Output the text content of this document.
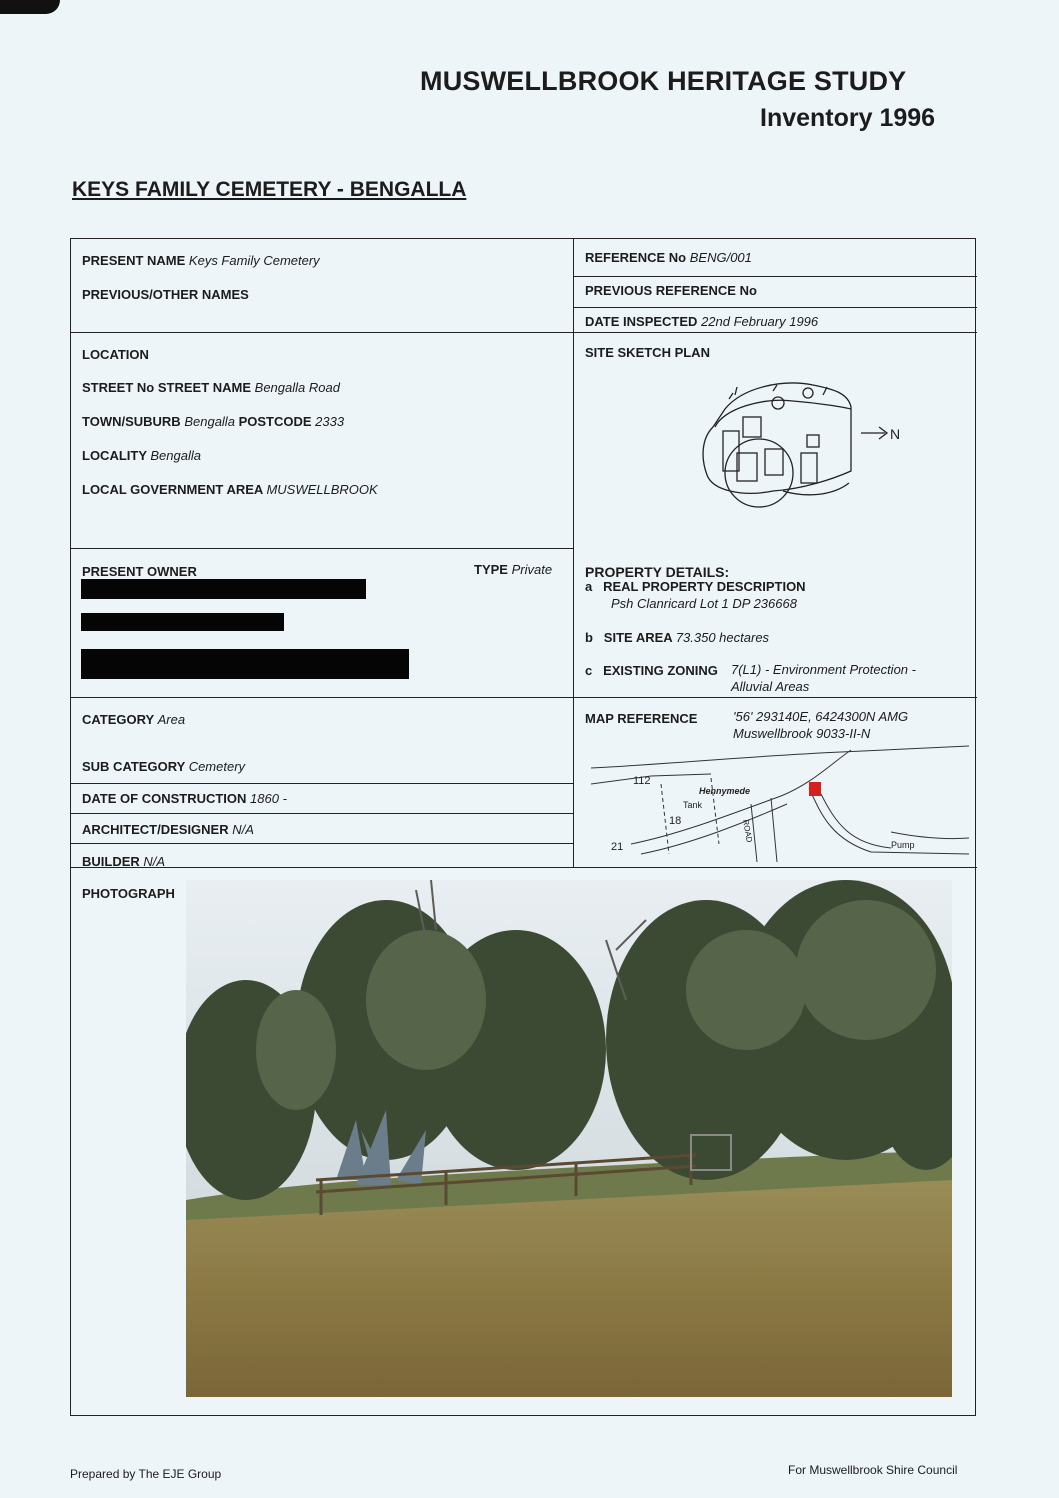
MUSWELLBROOK HERITAGE STUDY
Inventory 1996
KEYS FAMILY CEMETERY - BENGALLA
PRESENT NAME Keys Family Cemetery
PREVIOUS/OTHER NAMES
LOCATION
STREET No STREET NAME Bengalla Road
TOWN/SUBURB Bengalla POSTCODE 2333
LOCALITY Bengalla
LOCAL GOVERNMENT AREA MUSWELLBROOK
PRESENT OWNER	TYPE Private
CATEGORY Area
SUB CATEGORY Cemetery
DATE OF CONSTRUCTION 1860 -
ARCHITECT/DESIGNER N/A
BUILDER N/A
PHOTOGRAPH
REFERENCE No BENG/001
PREVIOUS REFERENCE No
DATE INSPECTED 22nd February 1996
SITE SKETCH PLAN
N
PROPERTY DETAILS:
a REAL PROPERTY DESCRIPTION
Psh Clanricard Lot 1 DP 236668
b SITE AREA 73.350 hectares
c EXISTING ZONING 7(L1) - Environment Protection -
Alluvial Areas
MAP REFERENCE	'56' 293140E, 6424300N AMG
Muswellbrook 9033-II-N
112
Hennymede
Tank
18
21
ROAD
Pump
Prepared by The EJE Group	For Muswellbrook Shire Council
